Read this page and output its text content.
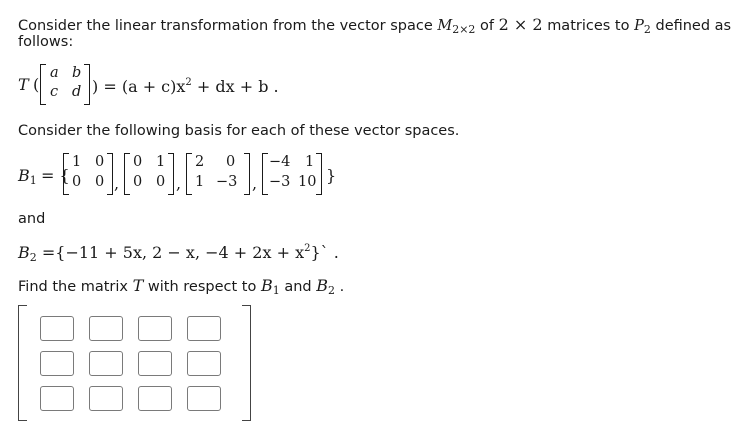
Consider the linear transformation from the vector space $M_{2\times 2}$ of 2 × 2 matrices to $P_2$ defined as
follows:
T (
a b
c d ) = $(a + c)x^2$ + dx + b .
Consider the following basis for each of these vector spaces.
$B_1$ = {
1 0
0 0 ,
0 1
0 0 ,
2 0
1 −3 ,
−4 1
−3 10 }
and
$B_2 =\{-11 + 5x$, 2 − x, $-4 + 2x + x^2\}`$ .
Find the matrix T with respect to $B_1$ and $B_2$ .
